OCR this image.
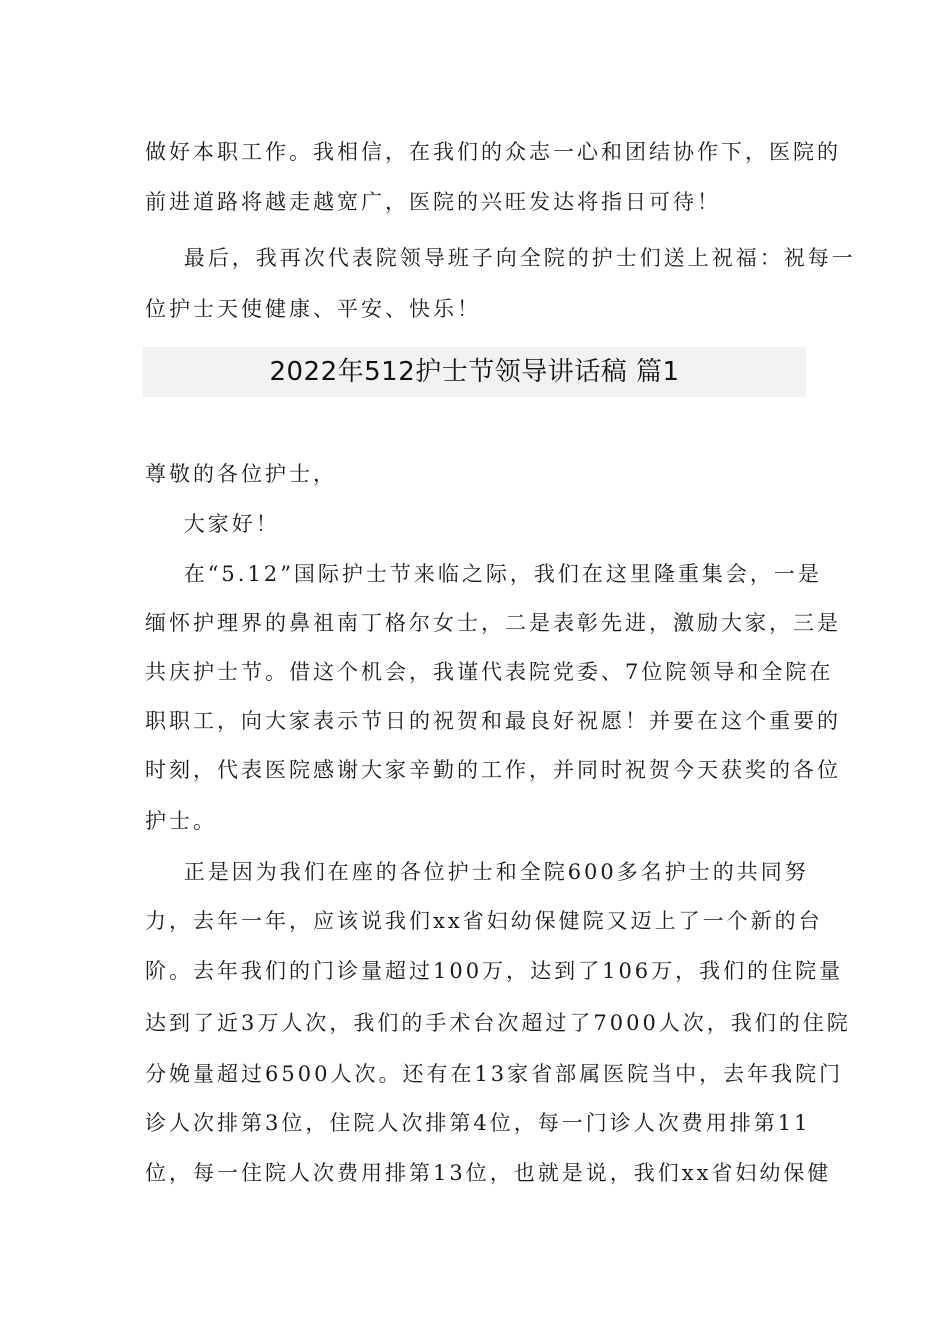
做好本职工作。我相信，在我们的众志一心和团结协作下，医院的
前进道路将越走越宽广，医院的兴旺发达将指日可待！
最后，我再次代表院领导班子向全院的护士们送上祝福：祝每一
位护士天使健康、平安、快乐！
2022年512护士节领导讲话稿 篇1
尊敬的各位护士，
大家好！
在“5.12”国际护士节来临之际，我们在这里隆重集会，一是
缅怀护理界的鼻祖南丁格尔女士，二是表彰先进，激励大家，三是
共庆护士节。借这个机会，我谨代表院党委、7位院领导和全院在
职职工，向大家表示节日的祝贺和最良好祝愿！并要在这个重要的
时刻，代表医院感谢大家辛勤的工作，并同时祝贺今天获奖的各位
护士。
正是因为我们在座的各位护士和全院600多名护士的共同努
力，去年一年，应该说我们xx省妇幼保健院又迈上了一个新的台
阶。去年我们的门诊量超过100万，达到了106万，我们的住院量
达到了近3万人次，我们的手术台次超过了7000人次，我们的住院
分娩量超过6500人次。还有在13家省部属医院当中，去年我院门
诊人次排第3位，住院人次排第4位，每一门诊人次费用排第11
位，每一住院人次费用排第13位，也就是说，我们xx省妇幼保健
